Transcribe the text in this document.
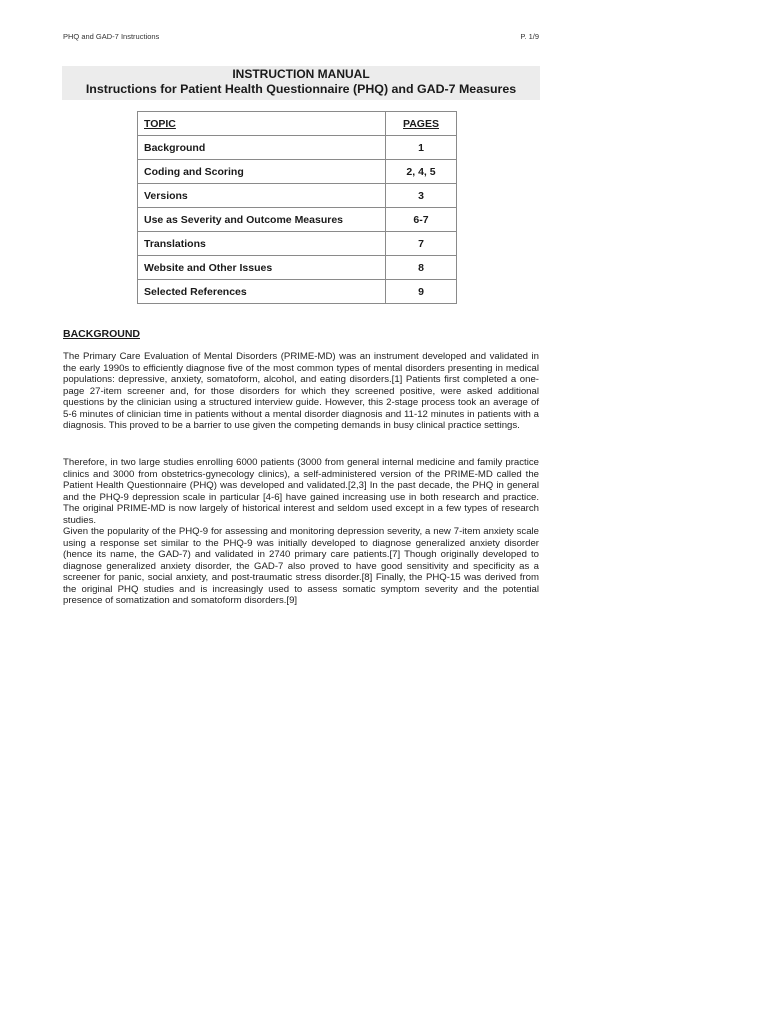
PHQ and GAD-7 Instructions	P. 1/9
INSTRUCTION MANUAL
Instructions for Patient Health Questionnaire (PHQ) and GAD-7 Measures
TOPIC	PAGES
Background	1
Coding and Scoring	2, 4, 5
Versions	3
Use as Severity and Outcome Measures	6-7
Translations	7
Website and Other Issues	8
Selected References	9
BACKGROUND

The Primary Care Evaluation of Mental Disorders (PRIME-MD) was an instrument developed and validated in the early 1990s to efficiently diagnose five of the most common types of mental disorders presenting in medical populations: depressive, anxiety, somatoform, alcohol, and eating disorders.[1] Patients first completed a one-page 27-item screener and, for those disorders for which they screened positive, were asked additional questions by the clinician using a structured interview guide. However, this 2-stage process took an average of 5-6 minutes of clinician time in patients without a mental disorder diagnosis and 11-12 minutes in patients with a diagnosis. This proved to be a barrier to use given the competing demands in busy clinical practice settings.

Therefore, in two large studies enrolling 6000 patients (3000 from general internal medicine and family practice clinics and 3000 from obstetrics-gynecology clinics), a self-administered version of the PRIME-MD called the Patient Health Questionnaire (PHQ) was developed and validated.[2,3] In the past decade, the PHQ in general and the PHQ-9 depression scale in particular [4-6] have gained increasing use in both research and practice. The original PRIME-MD is now largely of historical interest and seldom used except in a few types of research studies.

Given the popularity of the PHQ-9 for assessing and monitoring depression severity, a new 7-item anxiety scale using a response set similar to the PHQ-9 was initially developed to diagnose generalized anxiety disorder (hence its name, the GAD-7) and validated in 2740 primary care patients.[7] Though originally developed to diagnose generalized anxiety disorder, the GAD-7 also proved to have good sensitivity and specificity as a screener for panic, social anxiety, and post-traumatic stress disorder.[8] Finally, the PHQ-15 was derived from the original PHQ studies and is increasingly used to assess somatic symptom severity and the potential presence of somatization and somatoform disorders.[9]
